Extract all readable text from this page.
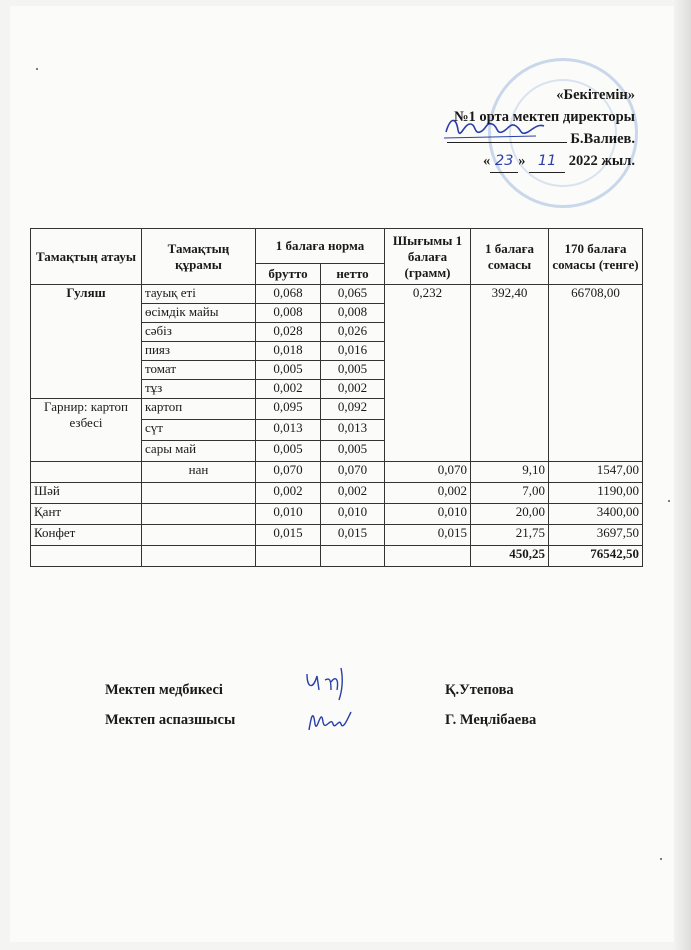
«Бекітемін»
№1 орта мектеп директоры
Б.Валиев.
« 23 » 11 2022 жыл.
Тамақтың атауы	Тамақтың құрамы	1 балаға норма		Шығымы 1 балаға (грамм)	1 балаға сомасы	170 балаға сомасы (тенге)
		брутто	нетто			
Гуляш	тауық еті	0,068	0,065	0,232	392,40	66708,00
	өсімдік майы	0,008	0,008			
	сәбіз	0,028	0,026			
	пияз	0,018	0,016			
	томат	0,005	0,005			
	тұз	0,002	0,002			
Гарнир: картоп езбесі	картоп	0,095	0,092			
	сүт	0,013	0,013			
	сары май	0,005	0,005			
	нан	0,070	0,070	0,070	9,10	1547,00
Шәй		0,002	0,002	0,002	7,00	1190,00
Қант		0,010	0,010	0,010	20,00	3400,00
Конфет		0,015	0,015	0,015	21,75	3697,50
					450,25	76542,50
Мектеп медбикесі	Қ.Утепова
Мектеп аспазшысы	Г. Меңлібаева
